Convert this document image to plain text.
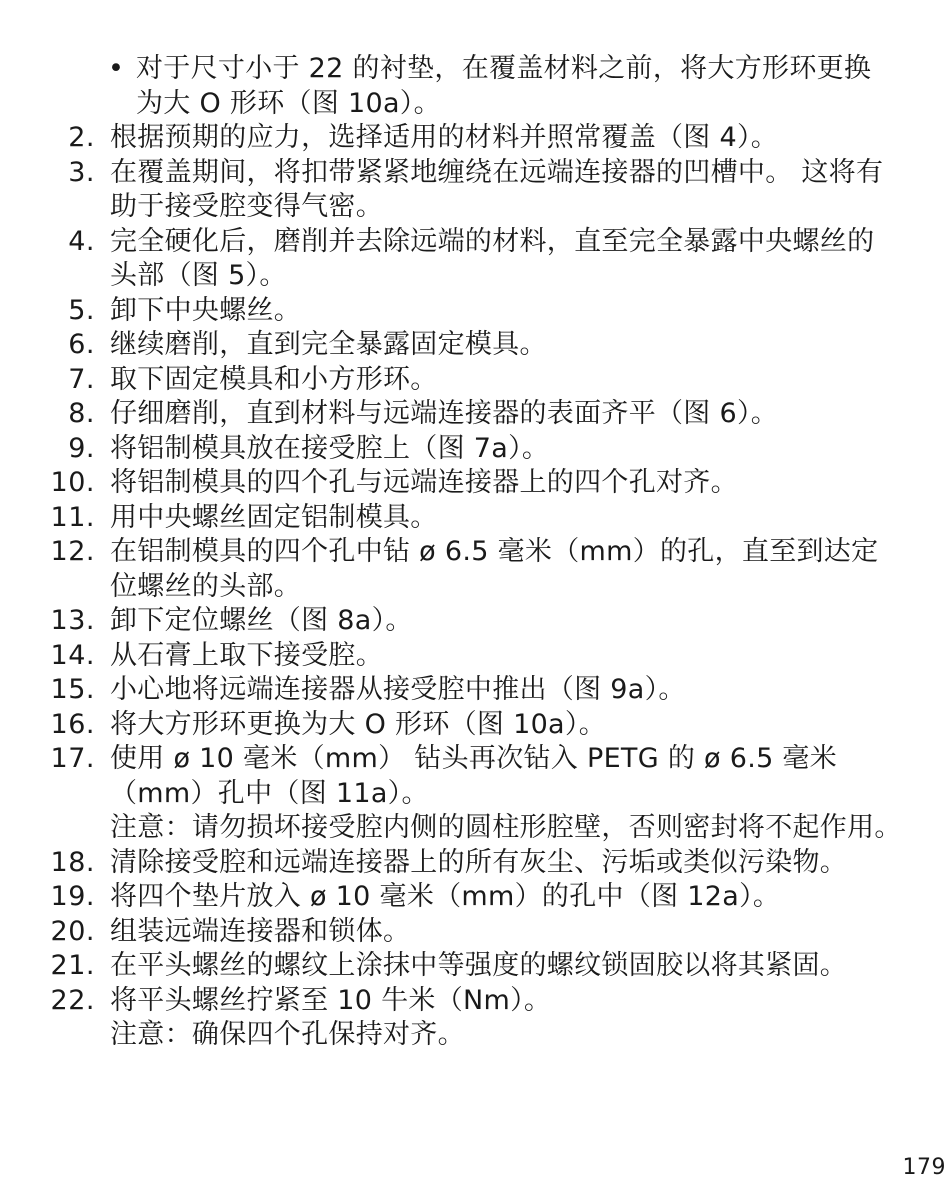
• 对于尺寸小于 22 的衬垫，在覆盖材料之前，将大方形环更换
为大 O 形环（图 10a）。
2. 根据预期的应力，选择适用的材料并照常覆盖（图 4）。
3. 在覆盖期间，将扣带紧紧地缠绕在远端连接器的凹槽中。 这将有
助于接受腔变得气密。
4. 完全硬化后，磨削并去除远端的材料，直至完全暴露中央螺丝的
头部（图 5）。
5. 卸下中央螺丝。
6. 继续磨削，直到完全暴露固定模具。
7. 取下固定模具和小方形环。
8. 仔细磨削，直到材料与远端连接器的表面齐平（图 6）。
9. 将铝制模具放在接受腔上（图 7a）。
10. 将铝制模具的四个孔与远端连接器上的四个孔对齐。
11. 用中央螺丝固定铝制模具。
12. 在铝制模具的四个孔中钻 ø 6.5 毫米（mm）的孔，直至到达定
位螺丝的头部。
13. 卸下定位螺丝（图 8a）。
14. 从石膏上取下接受腔。
15. 小心地将远端连接器从接受腔中推出（图 9a）。
16. 将大方形环更换为大 O 形环（图 10a）。
17. 使用 ø 10 毫米（mm） 钻头再次钻入 PETG 的 ø 6.5 毫米
（mm）孔中（图 11a）。
注意：请勿损坏接受腔内侧的圆柱形腔壁，否则密封将不起作用。
18. 清除接受腔和远端连接器上的所有灰尘、污垢或类似污染物。
19. 将四个垫片放入 ø 10 毫米（mm）的孔中（图 12a）。
20. 组装远端连接器和锁体。
21. 在平头螺丝的螺纹上涂抹中等强度的螺纹锁固胶以将其紧固。
22. 将平头螺丝拧紧至 10 牛米（Nm）。
注意：确保四个孔保持对齐。
179
